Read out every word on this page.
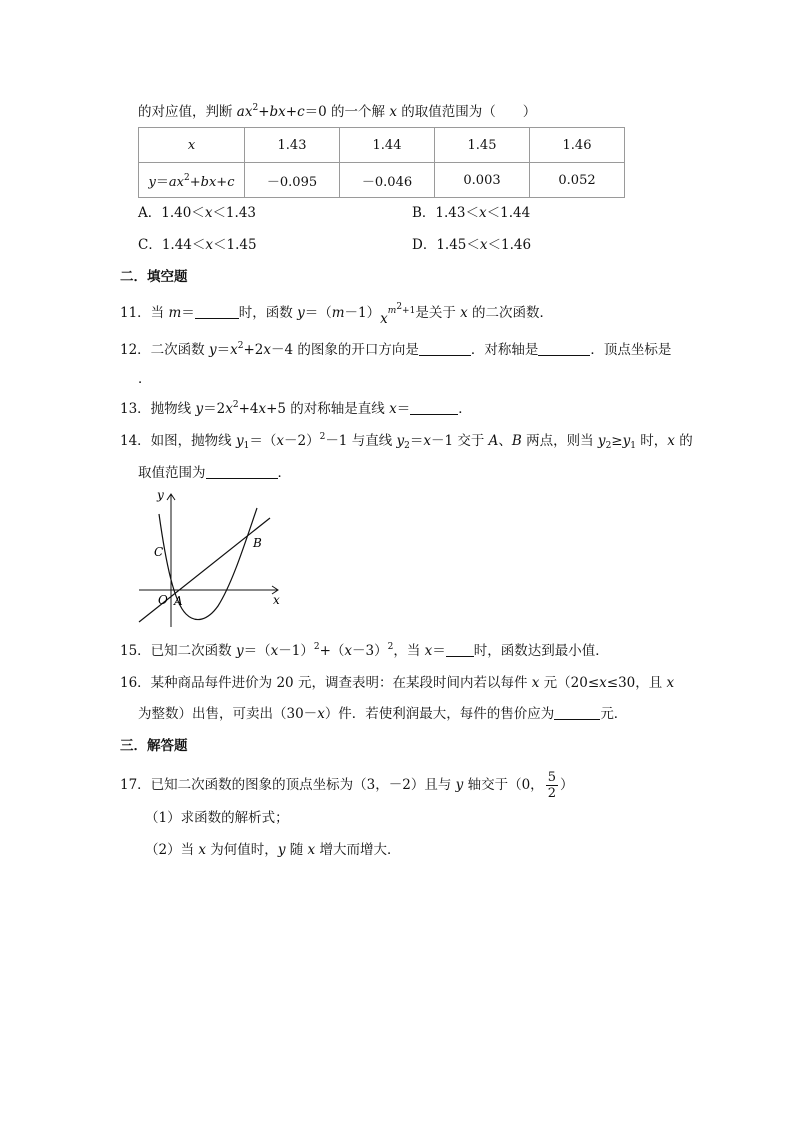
的对应值，判断 $ax^2+bx+c=0$ 的一个解 x 的取值范围为（　　）
x	1.43	1.44	1.45	1.46
$y=ax^2+bx+c$	－0.095	－0.046	0.003	0.052
A．1.40＜x＜1.43	B．1.43＜x＜1.44
C．1.44＜x＜1.45	D．1.45＜x＜1.46
二．填空题
11．当 m＝	时，函数 $y=(m-1)x^{m^2+1}$是关于 x 的二次函数．
12．二次函数 $y=x^2+2x-4$ 的图象的开口方向是	．对称轴是	．顶点坐标是
．
13．抛物线 $y=2x^2+4x+5$ 的对称轴是直线 x＝	．
14．如图，抛物线 $y_1=(x-2)^2-1$ 与直线 $y_2=x-1$ 交于 A、B 两点，则当 $y_2\ge y_1$ 时，x 的
取值范围为	．
y
x
C
B
O A
15．已知二次函数 $y=(x-1)^2+(x-3)^2$，当 x＝ 时，函数达到最小值．
16．某种商品每件进价为 20 元，调查表明：在某段时间内若以每件 x 元（20≤x≤30，且 x
为整数）出售，可卖出（30－x）件．若使利润最大，每件的售价应为	元．
三．解答题
17．已知二次函数的图象的顶点坐标为（3，－2）且与 y 轴交于（0， $\frac{5}{2}$ ）
（1）求函数的解析式；
（2）当 x 为何值时，y 随 x 增大而增大．
